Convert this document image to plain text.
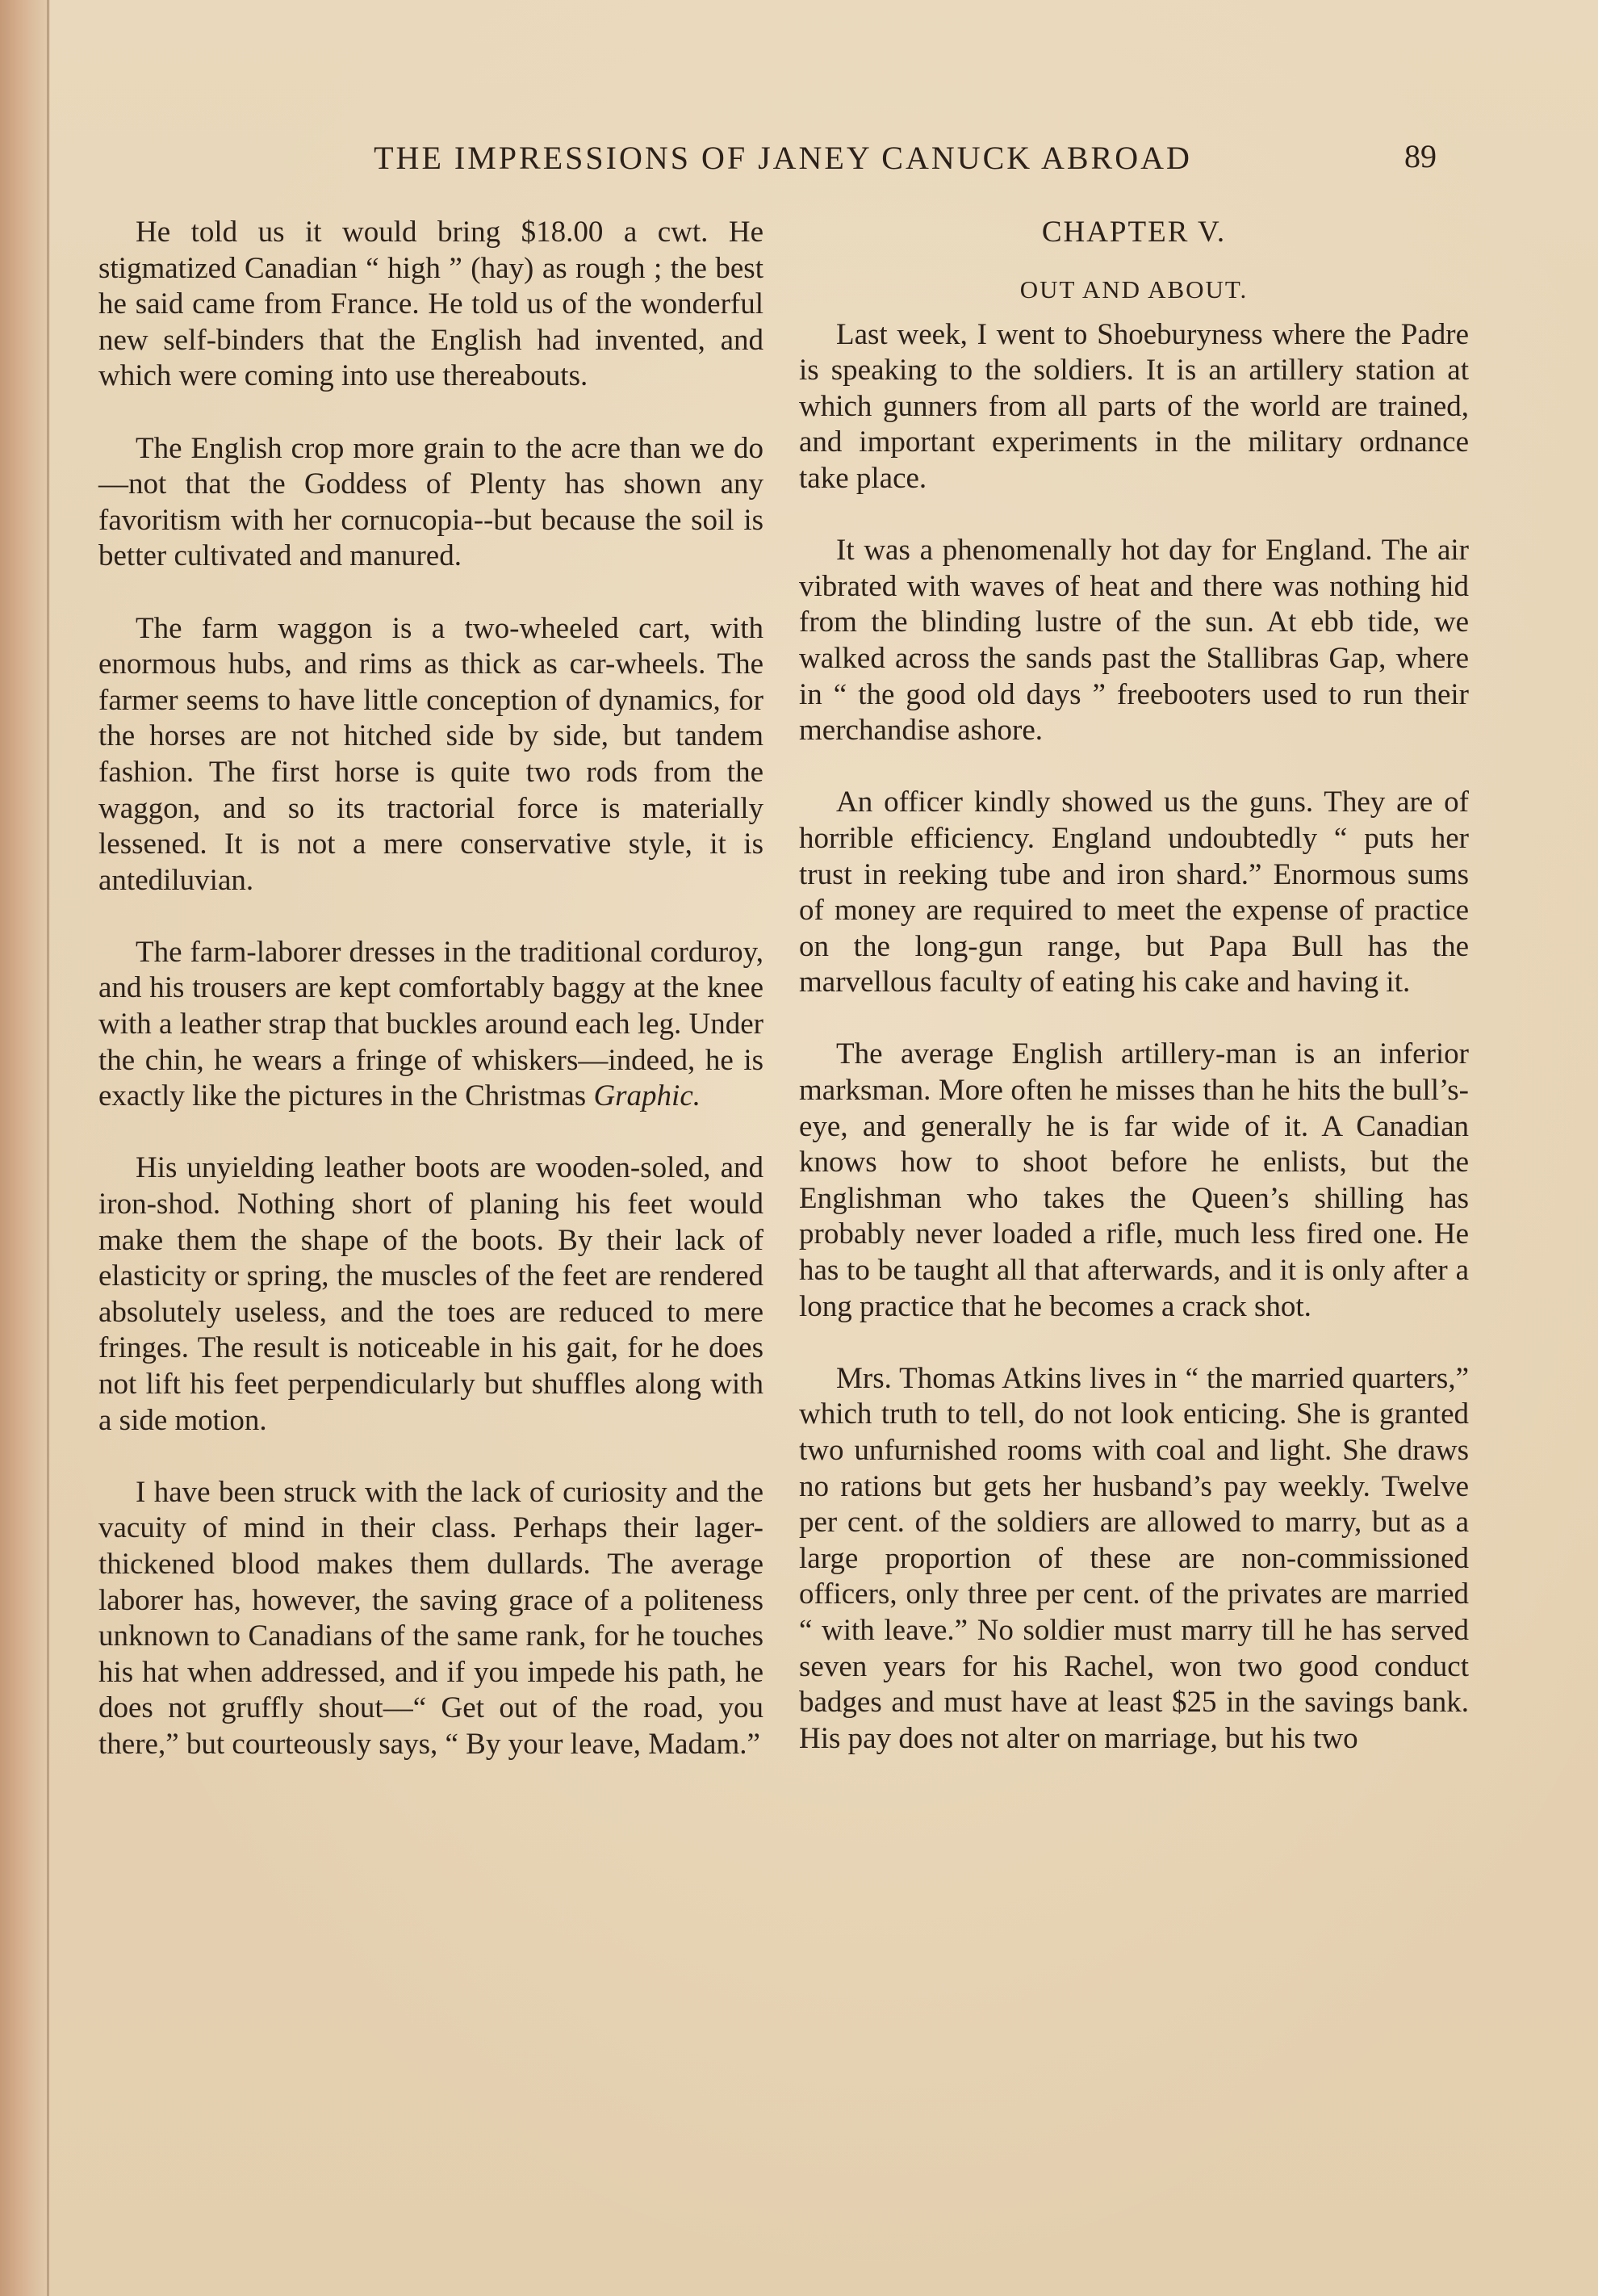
THE IMPRESSIONS OF JANEY CANUCK ABROAD	89

He told us it would bring $18.00 a cwt. He stigmatized Canadian “ high ” (hay) as rough ; the best he said came from France. He told us of the wonderful new self-binders that the English had invented, and which were coming into use thereabouts.

The English crop more grain to the acre than we do—not that the Goddess of Plenty has shown any favoritism with her cornucopia--but because the soil is better cultivated and manured.

The farm waggon is a two-wheeled cart, with enormous hubs, and rims as thick as car-wheels. The farmer seems to have little conception of dynamics, for the horses are not hitched side by side, but tandem fashion. The first horse is quite two rods from the waggon, and so its tractorial force is materially lessened. It is not a mere conservative style, it is antediluvian.

The farm-laborer dresses in the traditional corduroy, and his trousers are kept comfortably baggy at the knee with a leather strap that buckles around each leg. Under the chin, he wears a fringe of whiskers—indeed, he is exactly like the pictures in the Christmas Graphic.

His unyielding leather boots are wooden-soled, and iron-shod. Nothing short of planing his feet would make them the shape of the boots. By their lack of elasticity or spring, the muscles of the feet are rendered absolutely useless, and the toes are reduced to mere fringes. The result is noticeable in his gait, for he does not lift his feet perpendicularly but shuffles along with a side motion.

I have been struck with the lack of curiosity and the vacuity of mind in their class. Perhaps their lager-thickened blood makes them dullards. The average laborer has, however, the saving grace of a politeness unknown to Canadians of the same rank, for he touches his hat when addressed, and if you impede his path, he does not gruffly shout—“ Get out of the road, you there,” but courteously says, “ By your leave, Madam.”

CHAPTER V.
OUT AND ABOUT.

Last week, I went to Shoeburyness where the Padre is speaking to the soldiers. It is an artillery station at which gunners from all parts of the world are trained, and important experiments in the military ordnance take place.

It was a phenomenally hot day for England. The air vibrated with waves of heat and there was nothing hid from the blinding lustre of the sun. At ebb tide, we walked across the sands past the Stallibras Gap, where in “ the good old days ” freebooters used to run their merchandise ashore.

An officer kindly showed us the guns. They are of horrible efficiency. England undoubtedly “ puts her trust in reeking tube and iron shard.” Enormous sums of money are required to meet the expense of practice on the long-gun range, but Papa Bull has the marvellous faculty of eating his cake and having it.

The average English artillery-man is an inferior marksman. More often he misses than he hits the bull’s-eye, and generally he is far wide of it. A Canadian knows how to shoot before he enlists, but the Englishman who takes the Queen’s shilling has probably never loaded a rifle, much less fired one. He has to be taught all that afterwards, and it is only after a long practice that he becomes a crack shot.

Mrs. Thomas Atkins lives in “ the married quarters,” which truth to tell, do not look enticing. She is granted two unfurnished rooms with coal and light. She draws no rations but gets her husband’s pay weekly. Twelve per cent. of the soldiers are allowed to marry, but as a large proportion of these are non-commissioned officers, only three per cent. of the privates are married “ with leave.” No soldier must marry till he has served seven years for his Rachel, won two good conduct badges and must have at least $25 in the savings bank. His pay does not alter on marriage, but his two
